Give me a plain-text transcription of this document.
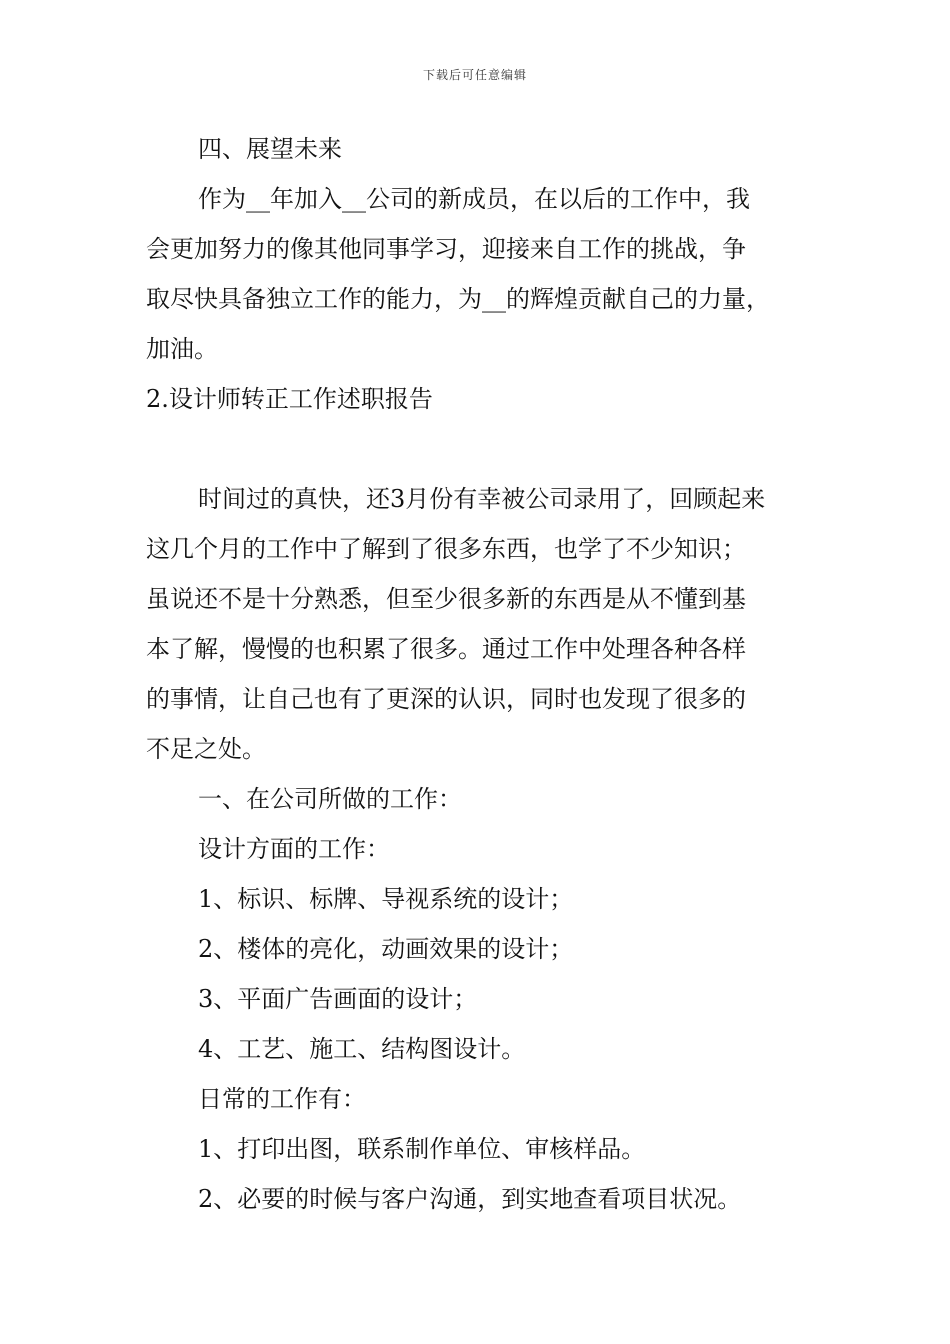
下载后可任意编辑
四、展望未来
作为__年加入__公司的新成员，在以后的工作中，我
会更加努力的像其他同事学习，迎接来自工作的挑战，争
取尽快具备独立工作的能力，为__的辉煌贡献自己的力量，
加油。
2.设计师转正工作述职报告
时间过的真快，还3月份有幸被公司录用了，回顾起来
这几个月的工作中了解到了很多东西，也学了不少知识；
虽说还不是十分熟悉，但至少很多新的东西是从不懂到基
本了解，慢慢的也积累了很多。通过工作中处理各种各样
的事情，让自己也有了更深的认识，同时也发现了很多的
不足之处。
一、在公司所做的工作：
设计方面的工作：
1、标识、标牌、导视系统的设计；
2、楼体的亮化，动画效果的设计；
3、平面广告画面的设计；
4、工艺、施工、结构图设计。
日常的工作有：
1、打印出图，联系制作单位、审核样品。
2、必要的时候与客户沟通，到实地查看项目状况。
